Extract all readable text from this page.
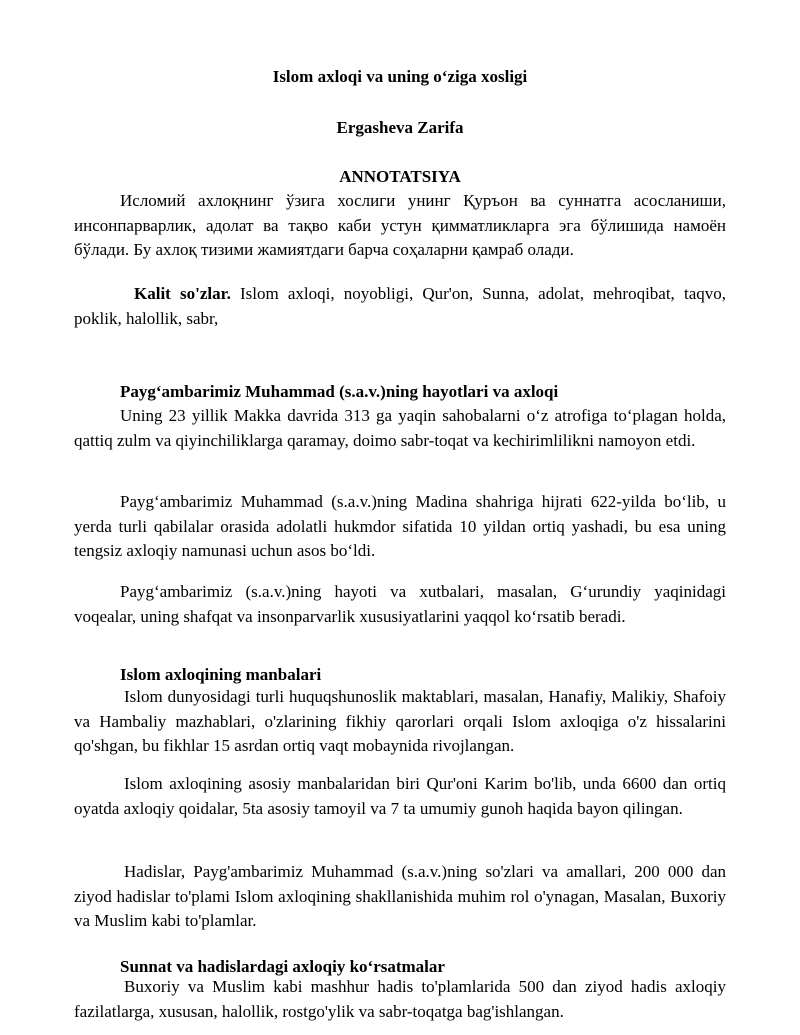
Islom axloqi va uning o‘ziga xosligi
Ergasheva Zarifa
ANNOTATSIYA
Исломий ахлоқнинг ўзига хослиги унинг Қуръон ва суннатга асосланиши, инсонпарварлик, адолат ва тақво каби устун қимматликларга эга бўлишида намоён бўлади. Бу ахлоқ тизими жамиятдаги барча соҳаларни қамраб олади.
Kalit so'zlar. Islom axloqi, noyobligi, Qur'on, Sunna, adolat, mehroqibat, taqvo, poklik, halollik, sabr,
Payg‘ambarimiz Muhammad (s.a.v.)ning hayotlari va axloqi
Uning 23 yillik Makka davrida 313 ga yaqin sahobalarni o‘z atrofiga to‘plagan holda, qattiq zulm va qiyinchiliklarga qaramay, doimo sabr-toqat va kechirimlilikni namoyon etdi.
Payg‘ambarimiz Muhammad (s.a.v.)ning Madina shahriga hijrati 622-yilda bo‘lib, u yerda turli qabilalar orasida adolatli hukmdor sifatida 10 yildan ortiq yashadi, bu esa uning tengsiz axloqiy namunasi uchun asos bo‘ldi.
Payg‘ambarimiz (s.a.v.)ning hayoti va xutbalari, masalan, G‘urundiy yaqinidagi voqealar, uning shafqat va insonparvarlik xususiyatlarini yaqqol ko‘rsatib beradi.
Islom axloqining manbalari
Islom dunyosidagi turli huquqshunoslik maktablari, masalan, Hanafiy, Malikiy, Shafoiy va Hambaliy mazhablari, o'zlarining fikhiy qarorlari orqali Islom axloqiga o'z hissalarini qo'shgan, bu fikhlar 15 asrdan ortiq vaqt mobaynida rivojlangan.
Islom axloqining asosiy manbalaridan biri Qur'oni Karim bo'lib, unda 6600 dan ortiq oyatda axloqiy qoidalar, 5ta asosiy tamoyil va 7 ta umumiy gunoh haqida bayon qilingan.
Hadislar, Payg'ambarimiz Muhammad (s.a.v.)ning so'zlari va amallari, 200 000 dan ziyod hadislar to'plami Islom axloqining shakllanishida muhim rol o'ynagan, Masalan, Buxoriy va Muslim kabi to'plamlar.
Sunnat va hadislardagi axloqiy ko‘rsatmalar
Buxoriy va Muslim kabi mashhur hadis to'plamlarida 500 dan ziyod hadis axloqiy fazilatlarga, xususan, halollik, rostgo'ylik va sabr-toqatga bag'ishlangan.
